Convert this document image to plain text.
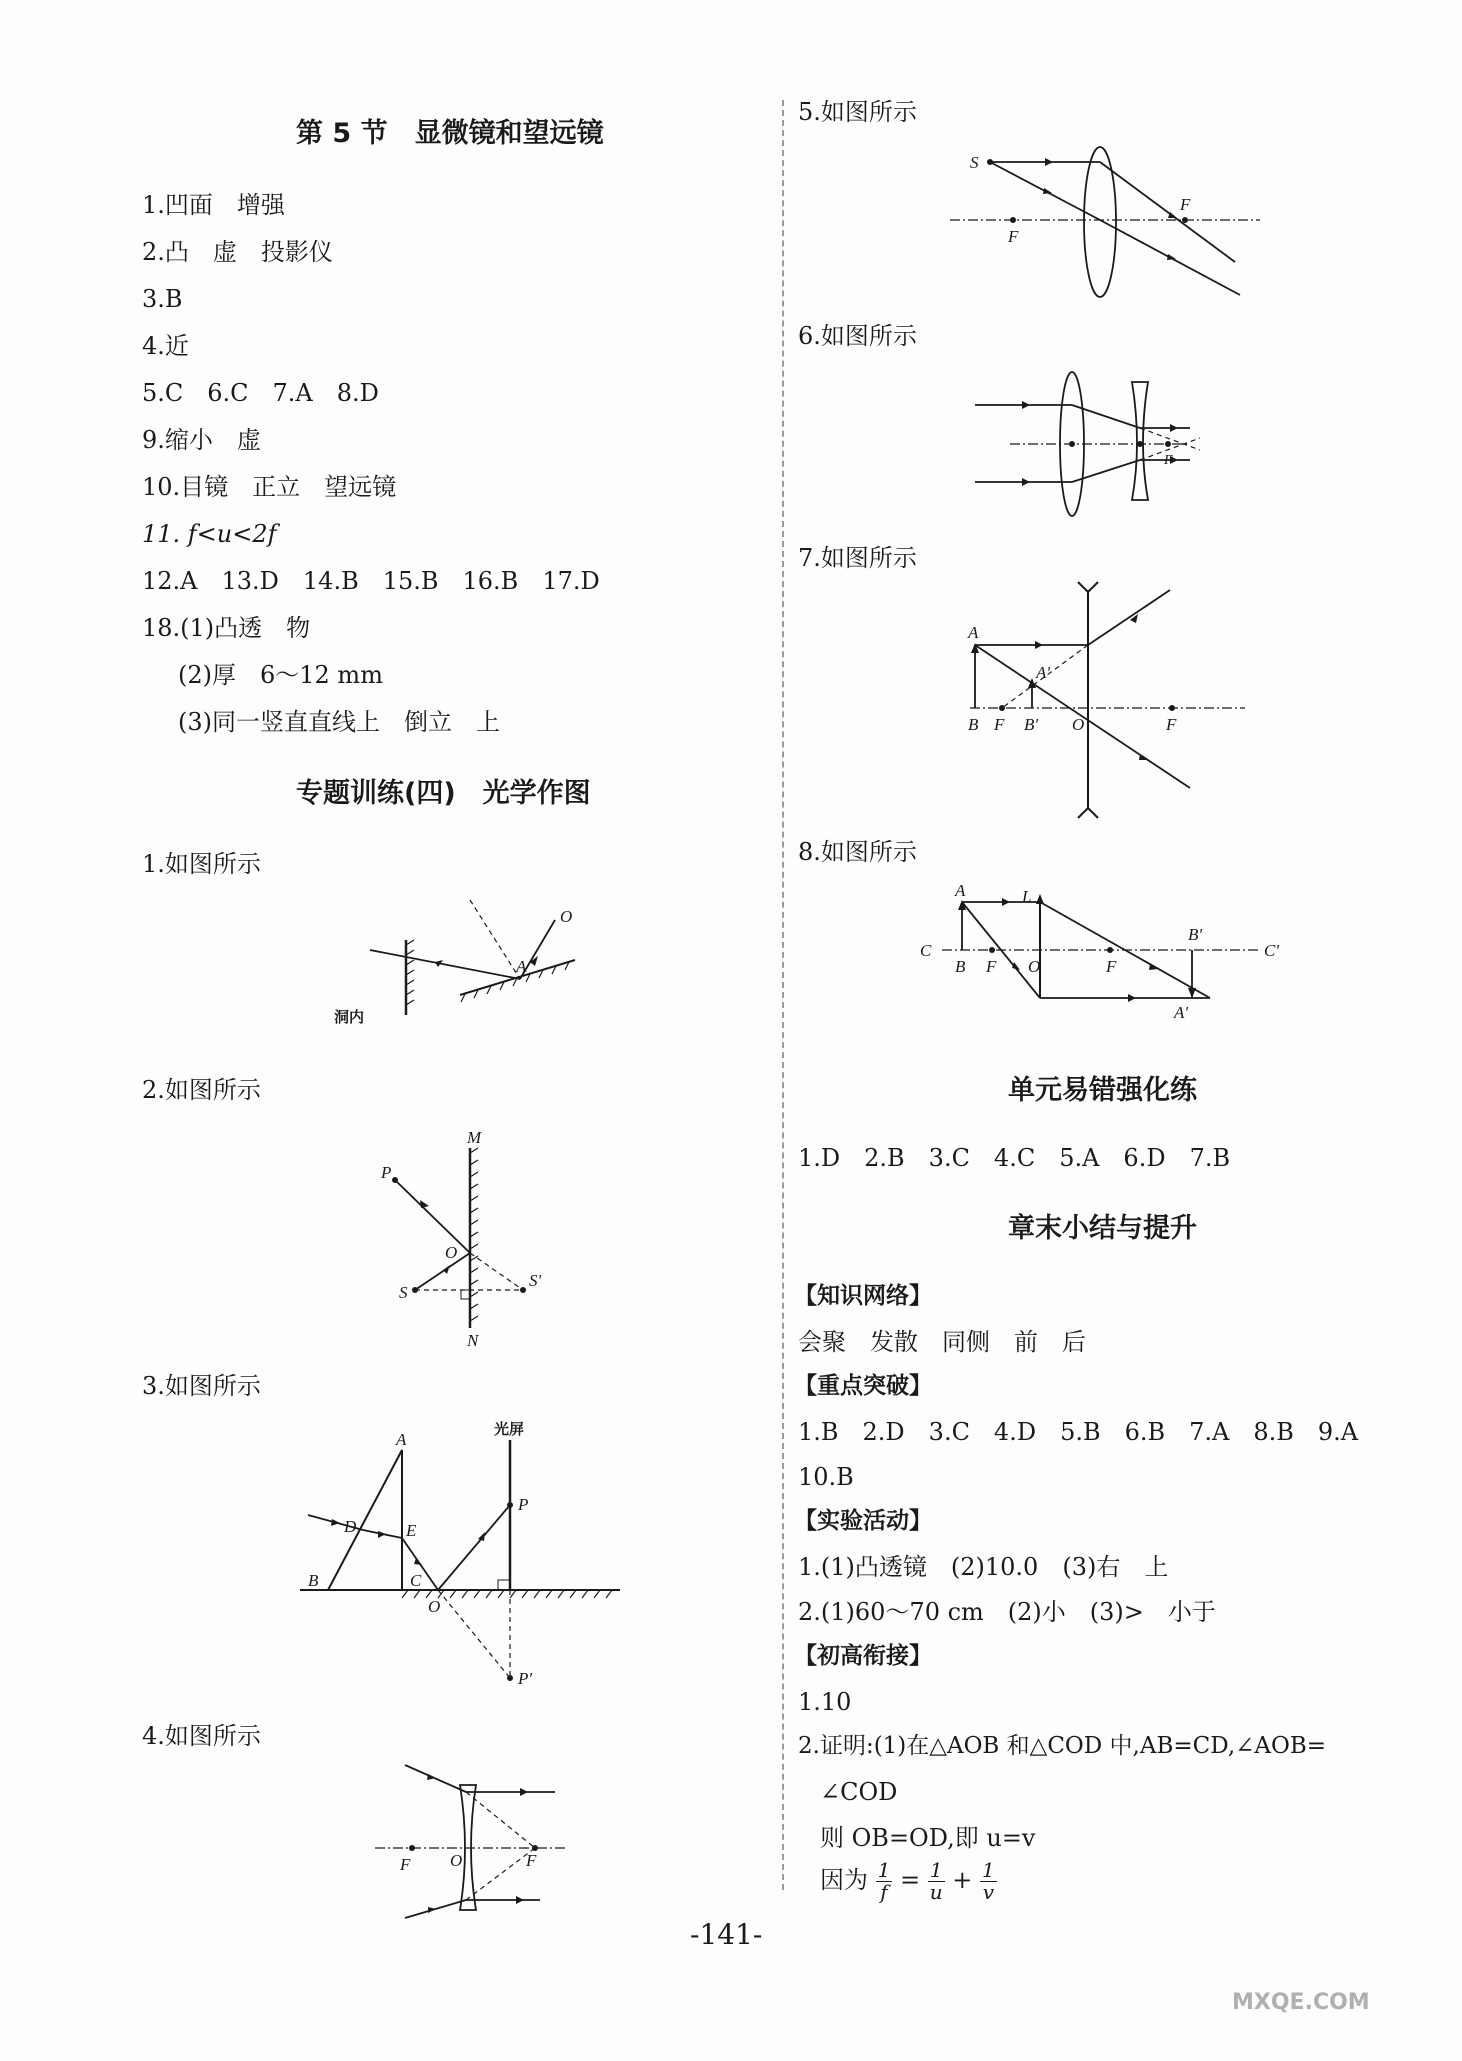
第 5 节　显微镜和望远镜
1.凹面　增强
2.凸　虚　投影仪
3.B
4.近
5.C　6.C　7.A　8.D
9.缩小　虚
10.目镜　正立　望远镜
11. f<u<2f
12.A　13.D　14.B　15.B　16.B　17.D
18.(1)凸透　物
(2)厚　6～12 mm
(3)同一竖直直线上　倒立　上
专题训练(四)　光学作图
1.如图所示
O
A
洞内
2.如图所示
M
N
P
O
S
S'
3.如图所示
光屏
A
B	C
D	E
O
P
P'
4.如图所示
F O	F
5.如图所示
S
F
F
6.如图所示
F
7.如图所示
A
A'
B F B' O	F
8.如图所示
A
A'
B
B'
C	C'
L
F	F
O
单元易错强化练
1.D　2.B　3.C　4.C　5.A　6.D　7.B
章末小结与提升
【知识网络】
会聚　发散　同侧　前　后
【重点突破】
1.B　2.D　3.C　4.D　5.B　6.B　7.A　8.B　9.A
10.B
【实验活动】
1.(1)凸透镜　(2)10.0　(3)右　上
2.(1)60～70 cm　(2)小　(3)>　小于
【初高衔接】
1.10
2.证明:(1)在△AOB 和△COD 中,AB=CD,∠AOB=
∠COD
则 OB=OD,即 u=v
因为 $\frac{1}{f} = \frac{1}{u} + \frac{1}{v}$
-141-
MXQE.COM
